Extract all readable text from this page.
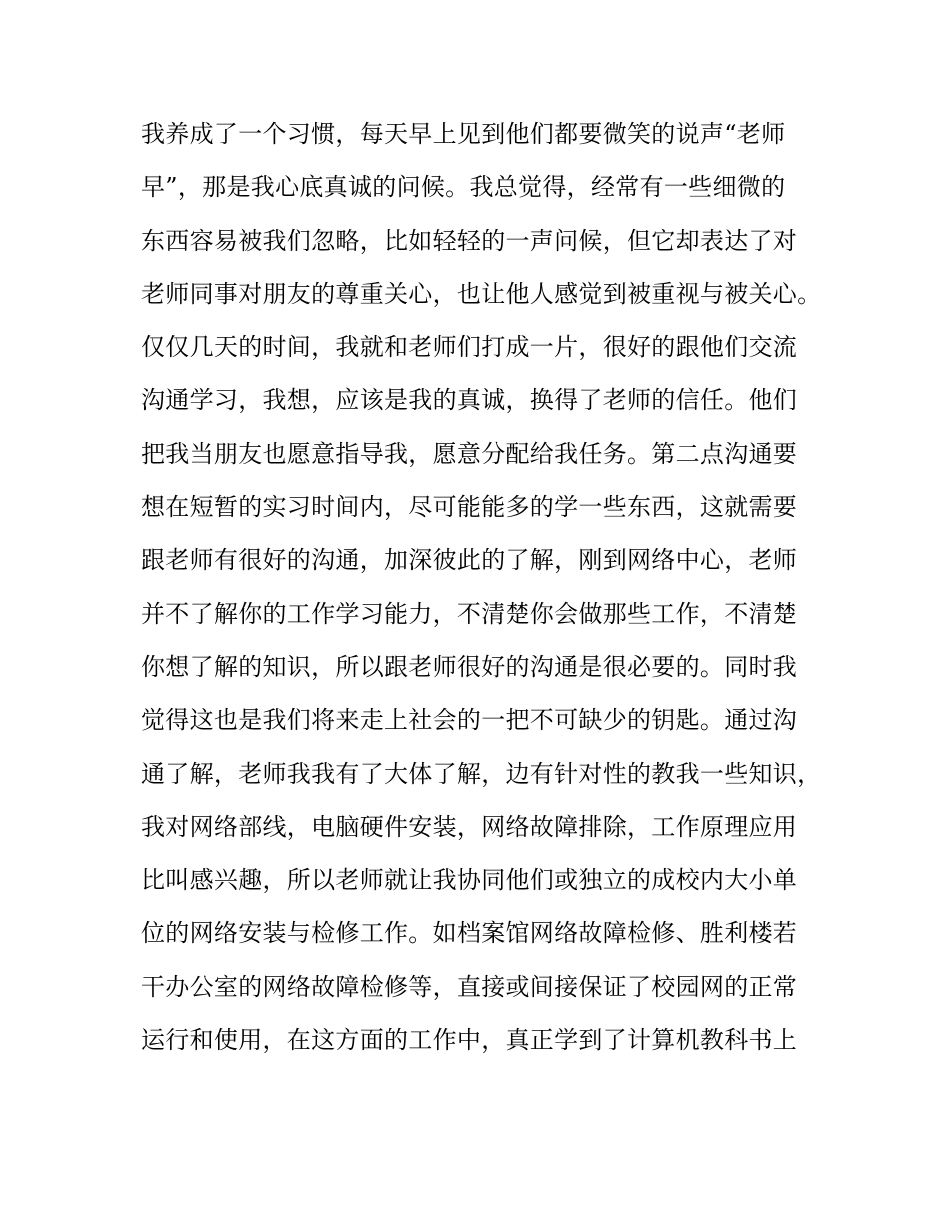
我养成了一个习惯，每天早上见到他们都要微笑的说声“老师
早”，那是我心底真诚的问候。我总觉得，经常有一些细微的
东西容易被我们忽略，比如轻轻的一声问候，但它却表达了对
老师同事对朋友的尊重关心，也让他人感觉到被重视与被关心。
仅仅几天的时间，我就和老师们打成一片，很好的跟他们交流
沟通学习，我想，应该是我的真诚，换得了老师的信任。他们
把我当朋友也愿意指导我，愿意分配给我任务。第二点沟通要
想在短暂的实习时间内，尽可能能多的学一些东西，这就需要
跟老师有很好的沟通，加深彼此的了解，刚到网络中心，老师
并不了解你的工作学习能力，不清楚你会做那些工作，不清楚
你想了解的知识，所以跟老师很好的沟通是很必要的。同时我
觉得这也是我们将来走上社会的一把不可缺少的钥匙。通过沟
通了解，老师我我有了大体了解，边有针对性的教我一些知识，
我对网络部线，电脑硬件安装，网络故障排除，工作原理应用
比叫感兴趣，所以老师就让我协同他们或独立的成校内大小单
位的网络安装与检修工作。如档案馆网络故障检修、胜利楼若
干办公室的网络故障检修等，直接或间接保证了校园网的正常
运行和使用，在这方面的工作中，真正学到了计算机教科书上
